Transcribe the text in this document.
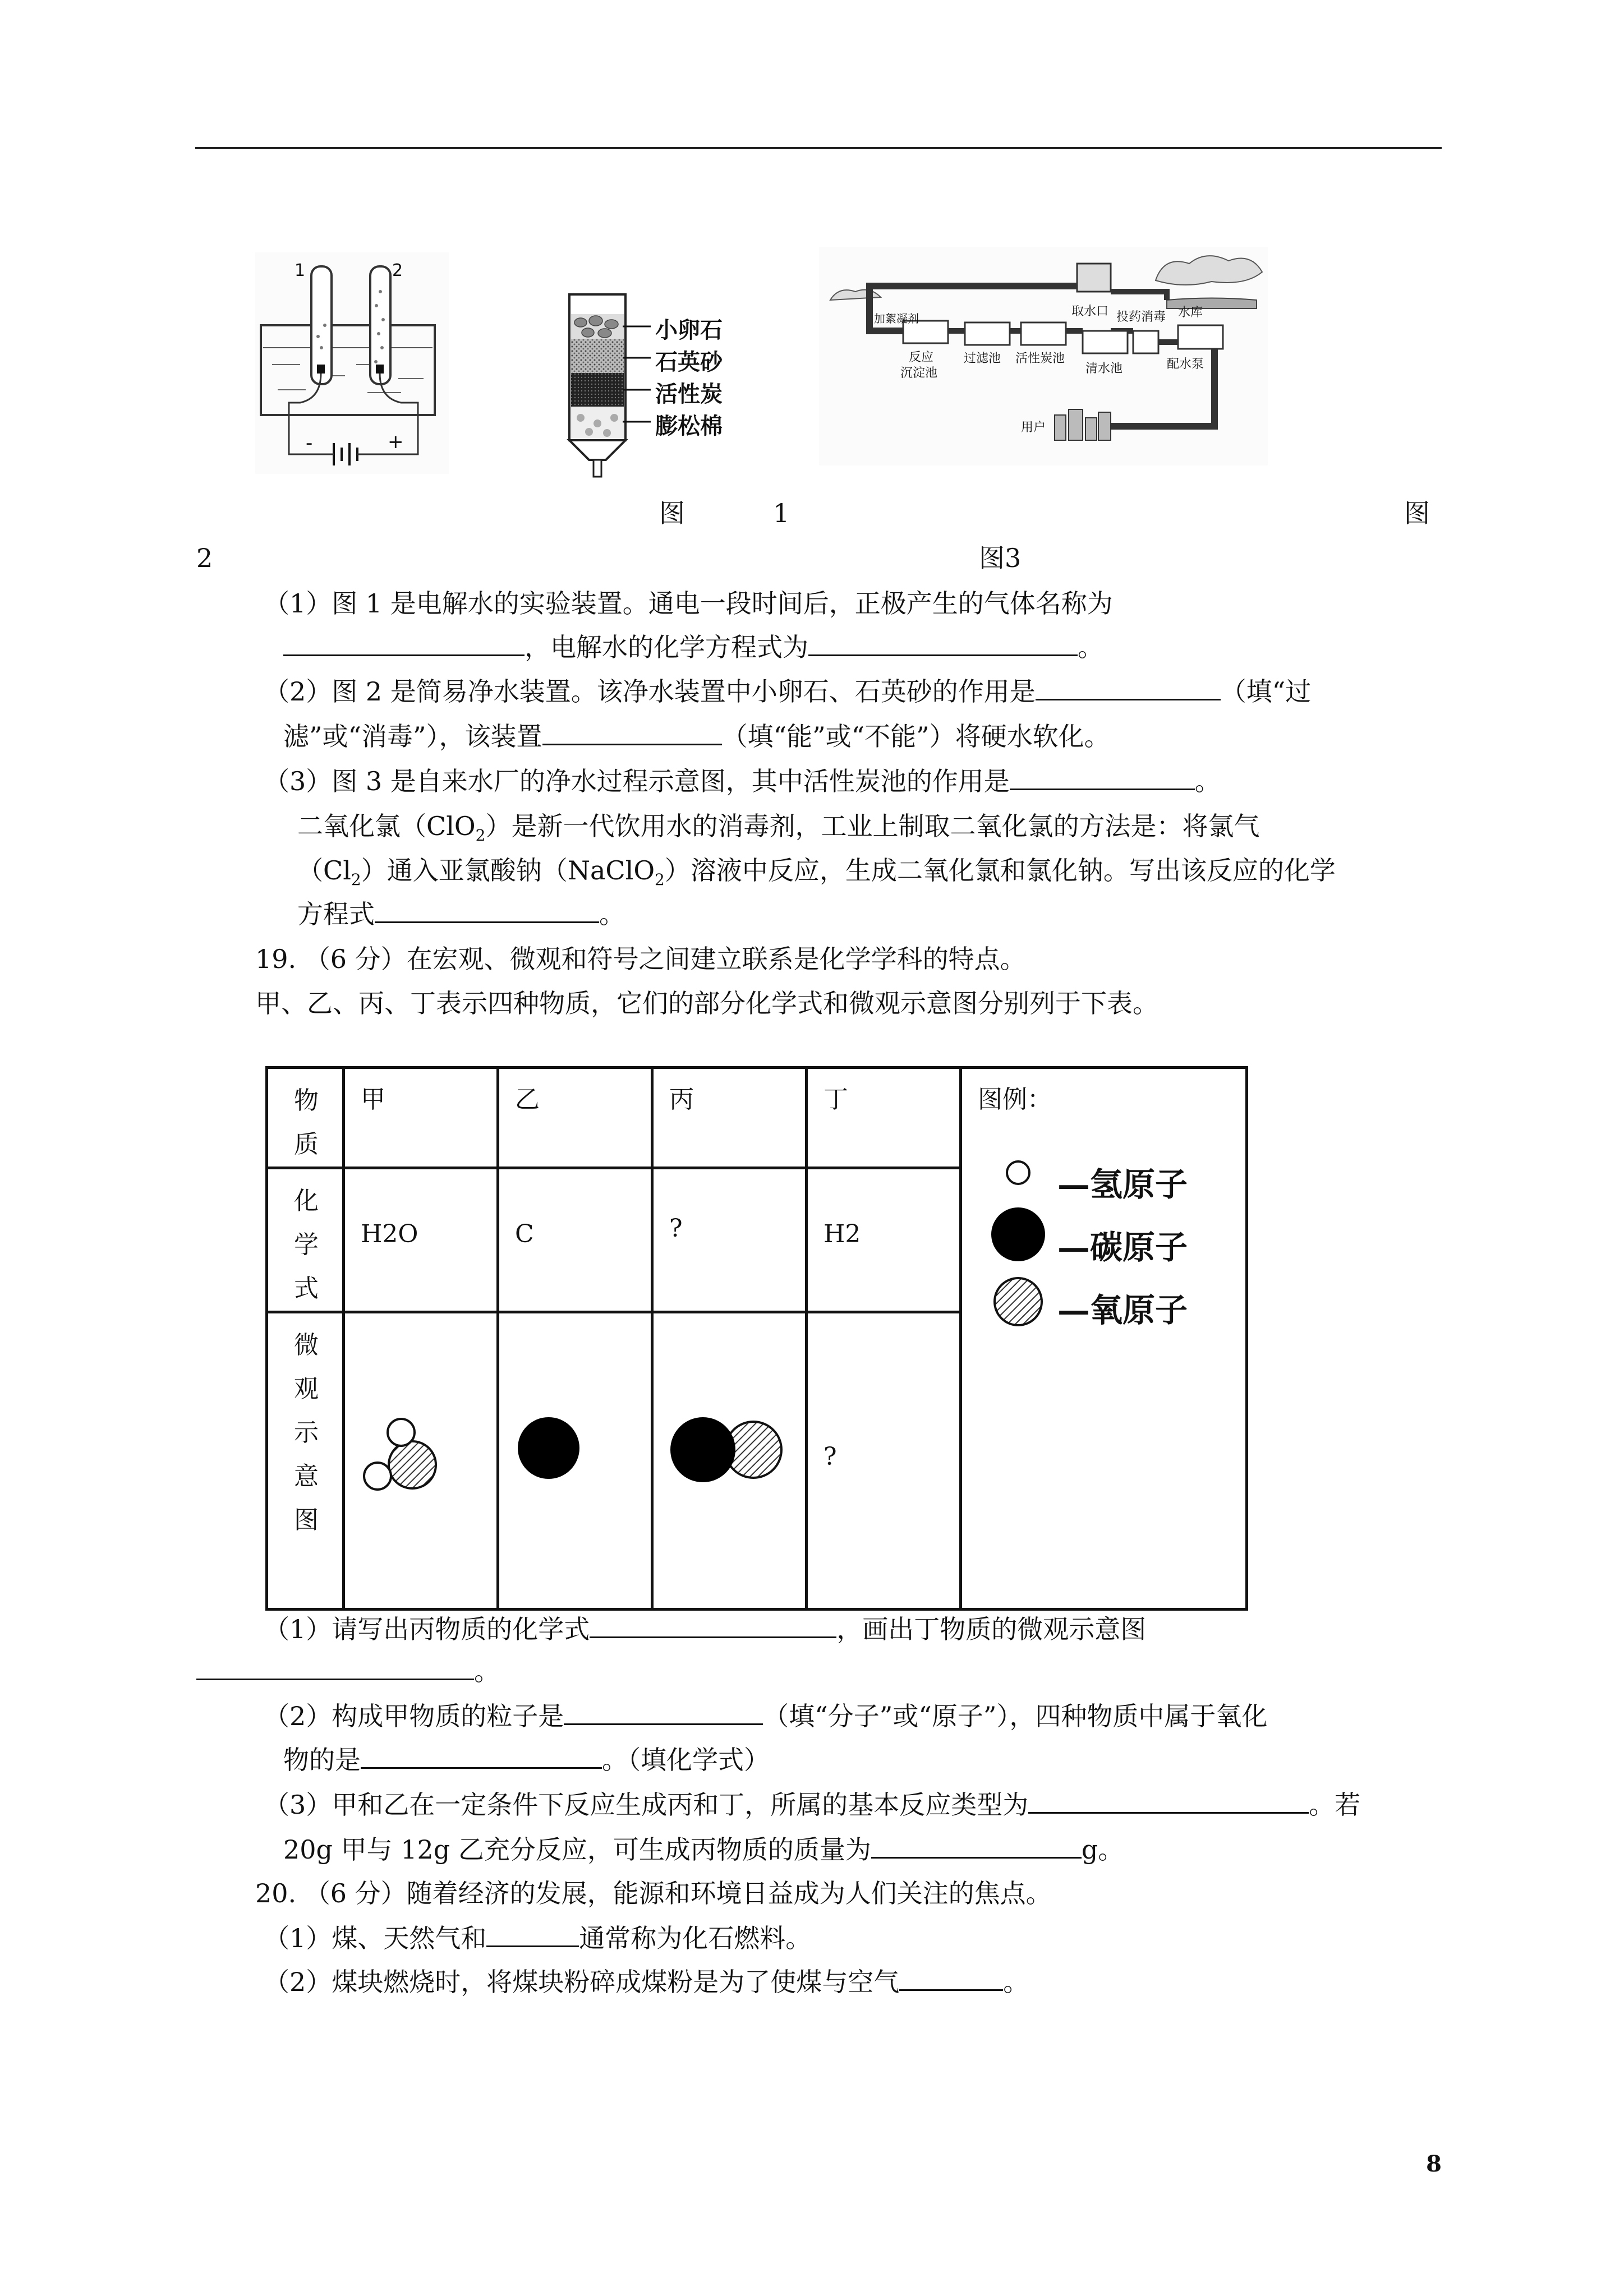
1	2
-	+
小卵石
石英砂
活性炭
膨松棉
水库
取水口
加絮凝剂
反应
沉淀池
过滤池 活性炭池
投药消毒
清水池	配水泵
用户
图	1	图
2	图3
（1）图 1 是电解水的实验装置。通电一段时间后，正极产生的气体名称为
，电解水的化学方程式为	。
（2）图 2 是简易净水装置。该净水装置中小卵石、石英砂的作用是	（填“过
滤”或“消毒”），该装置	（填“能”或“不能”）将硬水软化。
（3）图 3 是自来水厂的净水过程示意图，其中活性炭池的作用是	。
二氧化氯（ClO$_2$）是新一代饮用水的消毒剂，工业上制取二氧化氯的方法是：将氯气
$(Cl_2)$通入亚氯酸钠（NaClO$_2$）溶液中反应，生成二氧化氯和氯化钠。写出该反应的化学
方程式	。
19. （6 分）在宏观、微观和符号之间建立联系是化学学科的特点。
甲、乙、丙、丁表示四种物质，它们的部分化学式和微观示意图分别列于下表。
物质	甲	乙	丙	丁	图例：
—氢原子
—碳原子
—氧原子

化学式	H2O	C	?	H2	

微观示意图				?	
（1）请写出丙物质的化学式	，画出丁物质的微观示意图
。
（2）构成甲物质的粒子是	（填“分子”或“原子”），四种物质中属于氧化
物的是	。（填化学式）
（3）甲和乙在一定条件下反应生成丙和丁，所属的基本反应类型为	。若
20g 甲与 12g 乙充分反应，可生成丙物质的质量为	g。
20. （6 分）随着经济的发展，能源和环境日益成为人们关注的焦点。
（1）煤、天然气和	通常称为化石燃料。
（2）煤块燃烧时，将煤块粉碎成煤粉是为了使煤与空气	。
8
